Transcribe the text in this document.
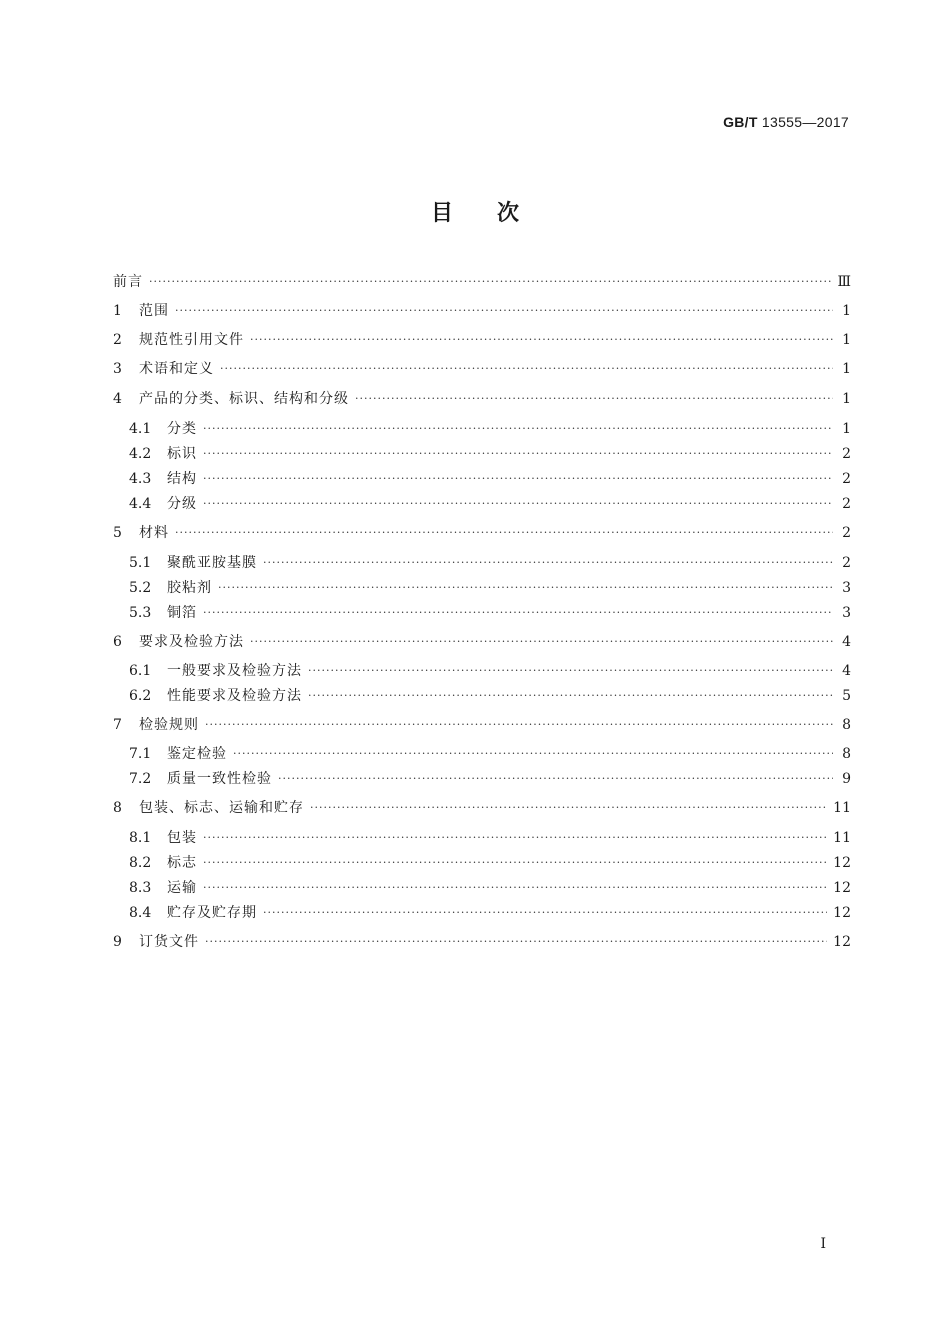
GB/T 13555—2017
目次
前言 ·····	Ⅲ
1	范围 ·····	1
2	规范性引用文件 ·····	1
3	术语和定义 ·····	1
4	产品的分类、标识、结构和分级 ·····	1
4.1	分类 ·····	1
4.2	标识 ·····	2
4.3	结构 ·····	2
4.4	分级 ·····	2
5	材料 ·····	2
5.1	聚酰亚胺基膜 ·····	2
5.2	胶粘剂 ·····	3
5.3	铜箔 ·····	3
6	要求及检验方法 ·····	4
6.1	一般要求及检验方法 ·····	4
6.2	性能要求及检验方法 ·····	5
7	检验规则 ·····	8
7.1	鉴定检验 ·····	8
7.2	质量一致性检验 ·····	9
8	包装、标志、运输和贮存 ·····	11
8.1	包装 ·····	11
8.2	标志 ·····	12
8.3	运输 ·····	12
8.4	贮存及贮存期 ·····	12
9	订货文件 ·····	12
I
